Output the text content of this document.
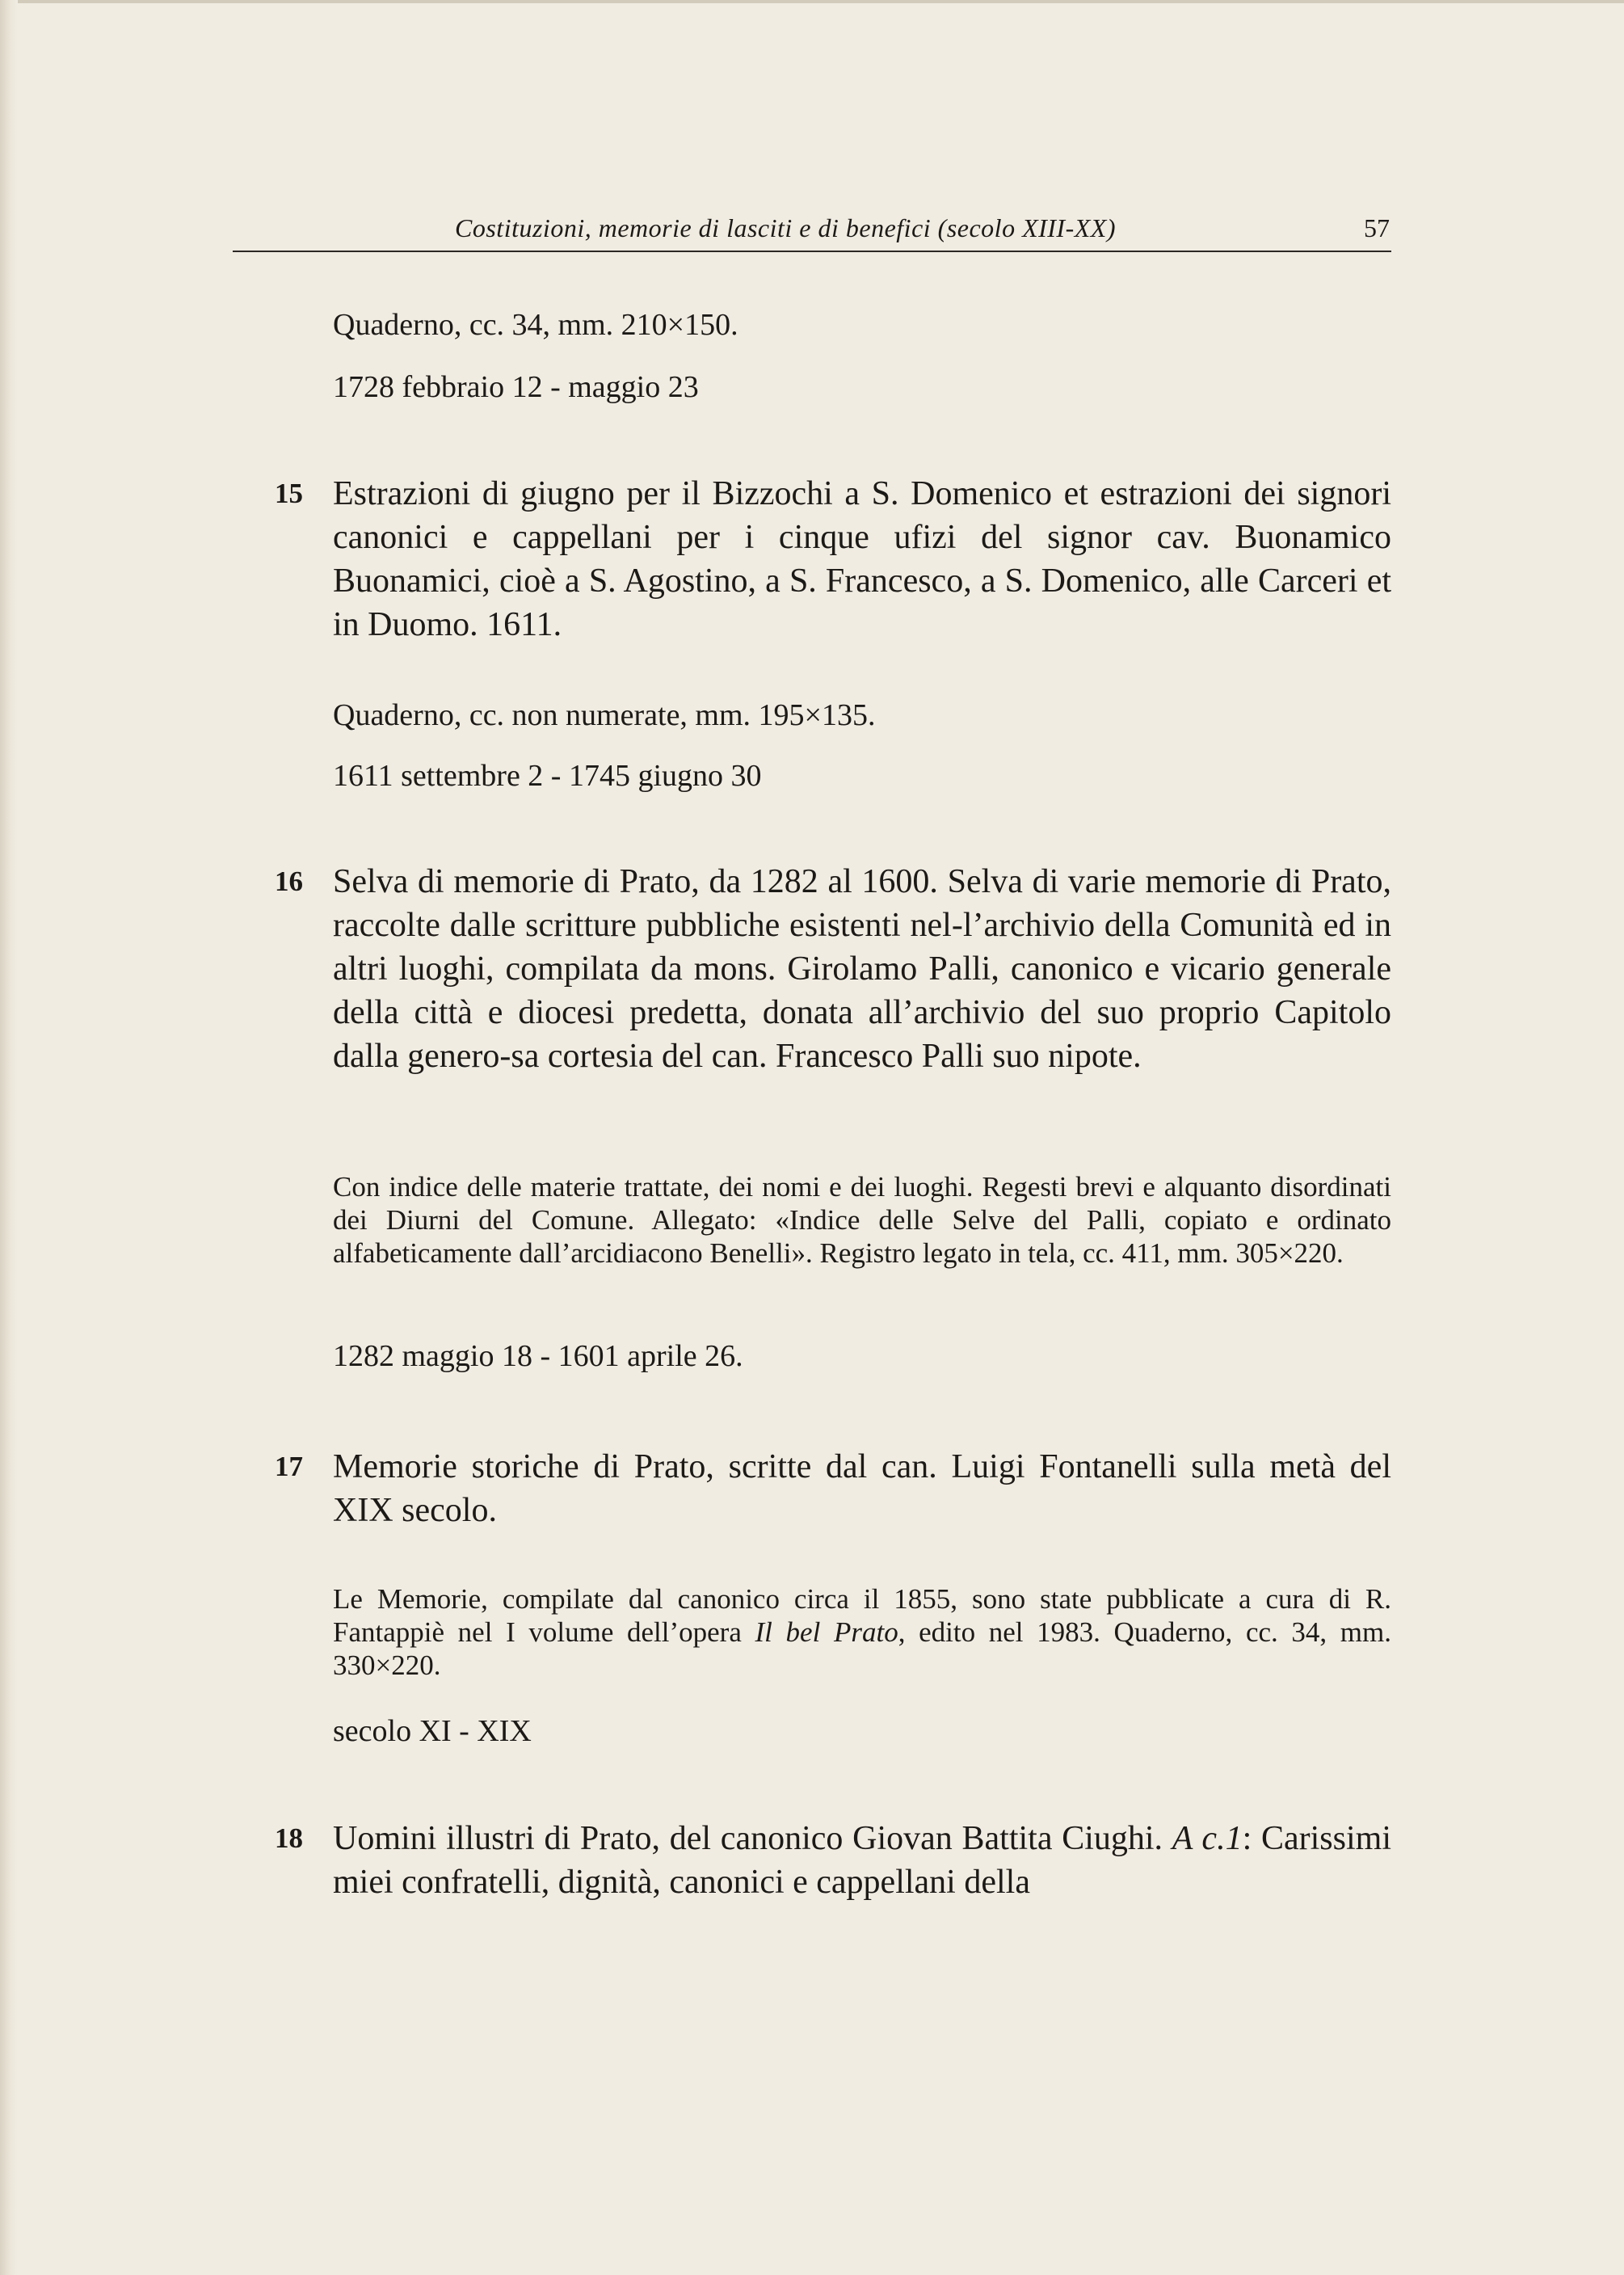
Costituzioni, memorie di lasciti e di benefici (secolo XIII-XX)	57
Quaderno, cc. 34, mm. 210×150.
1728 febbraio 12 - maggio 23
15 Estrazioni di giugno per il Bizzochi a S. Domenico et estrazioni dei signori canonici e cappellani per i cinque ufizi del signor cav. Buonamico Buonamici, cioè a S. Agostino, a S. Francesco, a S. Domenico, alle Carceri et in Duomo. 1611.
Quaderno, cc. non numerate, mm. 195×135.
1611 settembre 2 - 1745 giugno 30
16 Selva di memorie di Prato, da 1282 al 1600. Selva di varie memorie di Prato, raccolte dalle scritture pubbliche esistenti nel-l’archivio della Comunità ed in altri luoghi, compilata da mons. Girolamo Palli, canonico e vicario generale della città e diocesi predetta, donata all’archivio del suo proprio Capitolo dalla genero-sa cortesia del can. Francesco Palli suo nipote.
Con indice delle materie trattate, dei nomi e dei luoghi. Regesti brevi e alquanto disordinati dei Diurni del Comune. Allegato: «Indice delle Selve del Palli, copiato e ordinato alfabeticamente dall’arcidiacono Benelli». Registro legato in tela, cc. 411, mm. 305×220.
1282 maggio 18 - 1601 aprile 26.
17 Memorie storiche di Prato, scritte dal can. Luigi Fontanelli sulla metà del XIX secolo.
Le Memorie, compilate dal canonico circa il 1855, sono state pubblicate a cura di R. Fantappiè nel I volume dell’opera Il bel Prato, edito nel 1983. Quaderno, cc. 34, mm. 330×220.
secolo XI - XIX
18 Uomini illustri di Prato, del canonico Giovan Battita Ciughi. A c.1: Carissimi miei confratelli, dignità, canonici e cappellani della
